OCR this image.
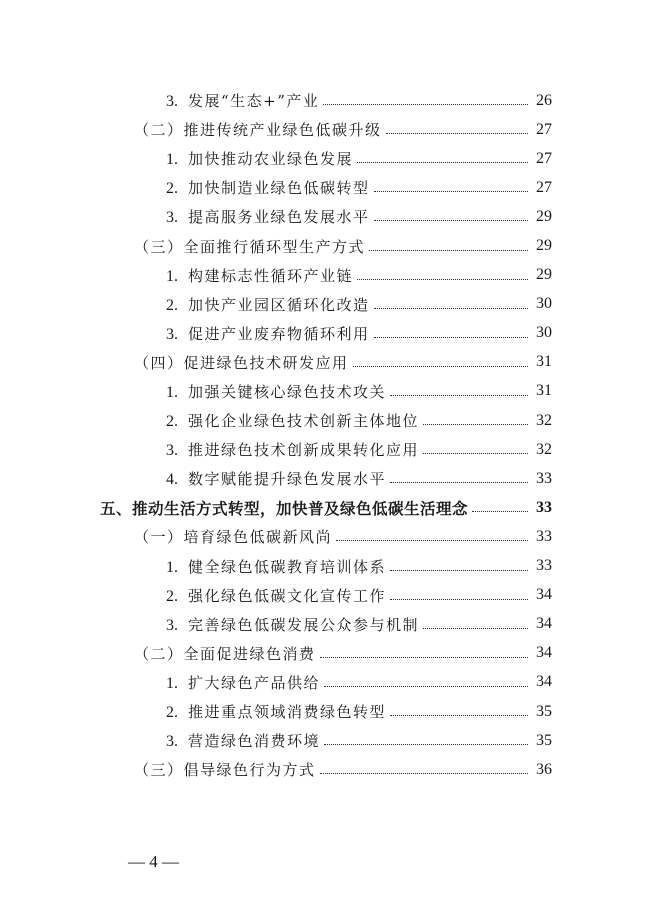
3. 发展“生态+”产业	26
（二）推进传统产业绿色低碳升级	27
1. 加快推动农业绿色发展	27
2. 加快制造业绿色低碳转型	27
3. 提高服务业绿色发展水平	29
（三）全面推行循环型生产方式	29
1. 构建标志性循环产业链	29
2. 加快产业园区循环化改造	30
3. 促进产业废弃物循环利用	30
（四）促进绿色技术研发应用	31
1. 加强关键核心绿色技术攻关	31
2. 强化企业绿色技术创新主体地位	32
3. 推进绿色技术创新成果转化应用	32
4. 数字赋能提升绿色发展水平	33
五、推动生活方式转型，加快普及绿色低碳生活理念	33
（一）培育绿色低碳新风尚	33
1. 健全绿色低碳教育培训体系	33
2. 强化绿色低碳文化宣传工作	34
3. 完善绿色低碳发展公众参与机制	34
（二）全面促进绿色消费	34
1. 扩大绿色产品供给	34
2. 推进重点领域消费绿色转型	35
3. 营造绿色消费环境	35
（三）倡导绿色行为方式	36
— 4 —
